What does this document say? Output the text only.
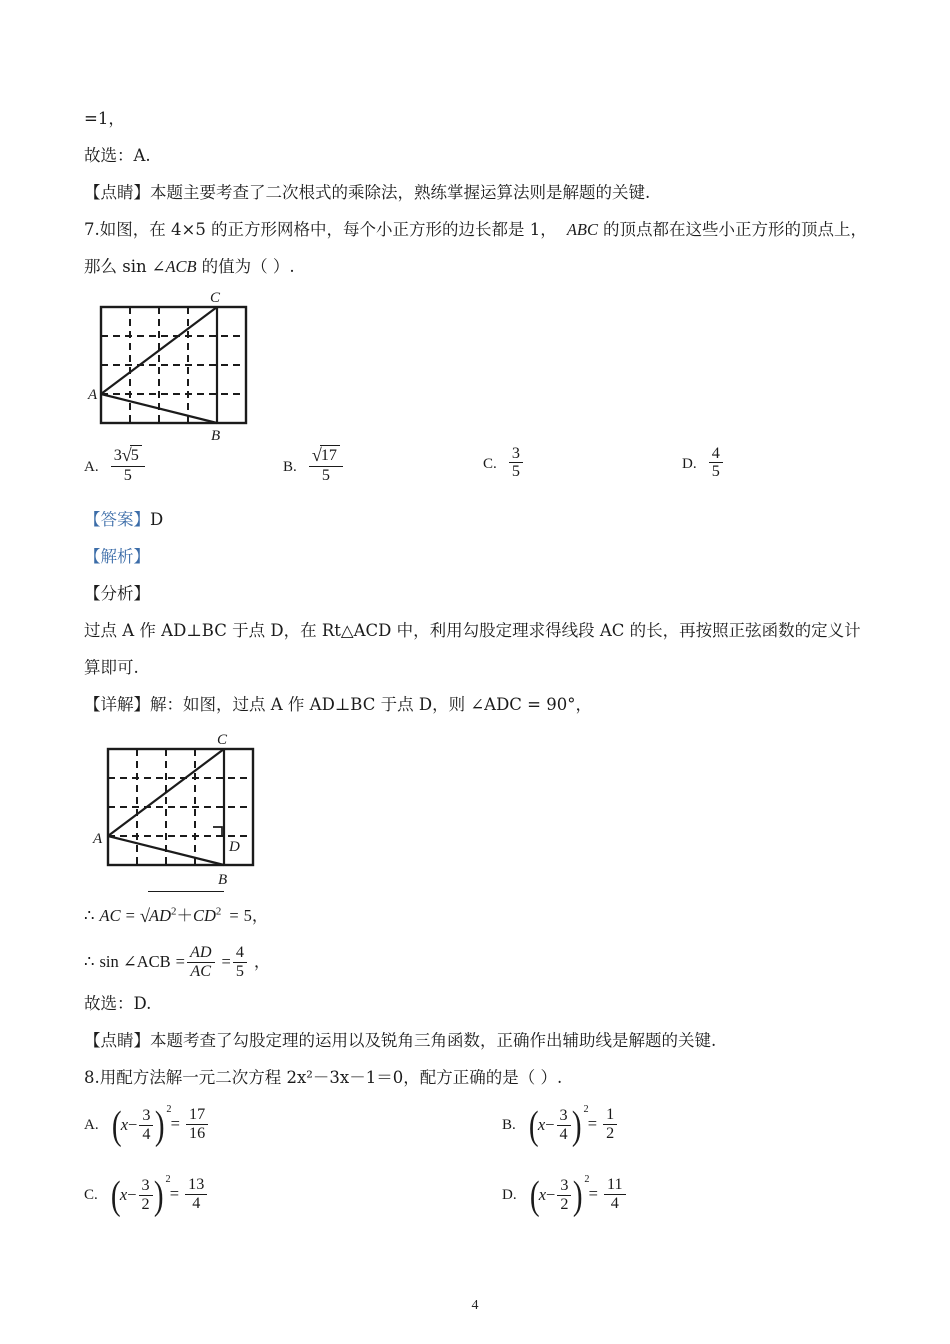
=1，
故选：A.
【点睛】本题主要考查了二次根式的乘除法，熟练掌握运算法则是解题的关键.
7.如图，在 4×5 的正方形网格中，每个小正方形的边长都是 1， ABC 的顶点都在这些小正方形的顶点上，
那么 sin ∠ACB 的值为（ ）.
A
B
C
A. $\frac{3√5}{5}$	B. $\frac{√17}{5}$	C. $\frac{3}{5}$	D. $\frac{4}{5}$
【答案】D
【解析】
【分析】
过点 A 作 AD⊥BC 于点 D，在 Rt△ACD 中，利用勾股定理求得线段 AC 的长，再按照正弦函数的定义计
算即可.
【详解】解：如图，过点 A 作 AD⊥BC 于点 D，则 ∠ADC = 90°，
A
B
C
D
∴ AC = $√AD^2+CD^2 = 5$，
∴ sin ∠ACB = $\frac{AD}{AC} = \frac{4}{5}$ ，
故选：D.
【点睛】本题考查了勾股定理的运用以及锐角三角函数，正确作出辅助线是解题的关键.
8.用配方法解一元二次方程 2x²－3x－1＝0，配方正确的是（ ）.
A. ( $x- \frac{3}{4} 2$
) = $\frac{17}{16}$	B. ( $x- \frac{3}{4} 2$
) = $\frac{1}{2}$
C. ( $x- \frac{3}{2} 2$
) = $\frac{13}{4}$	D. ( $x- \frac{3}{2} 2$
) = $\frac{11}{4}$
4
